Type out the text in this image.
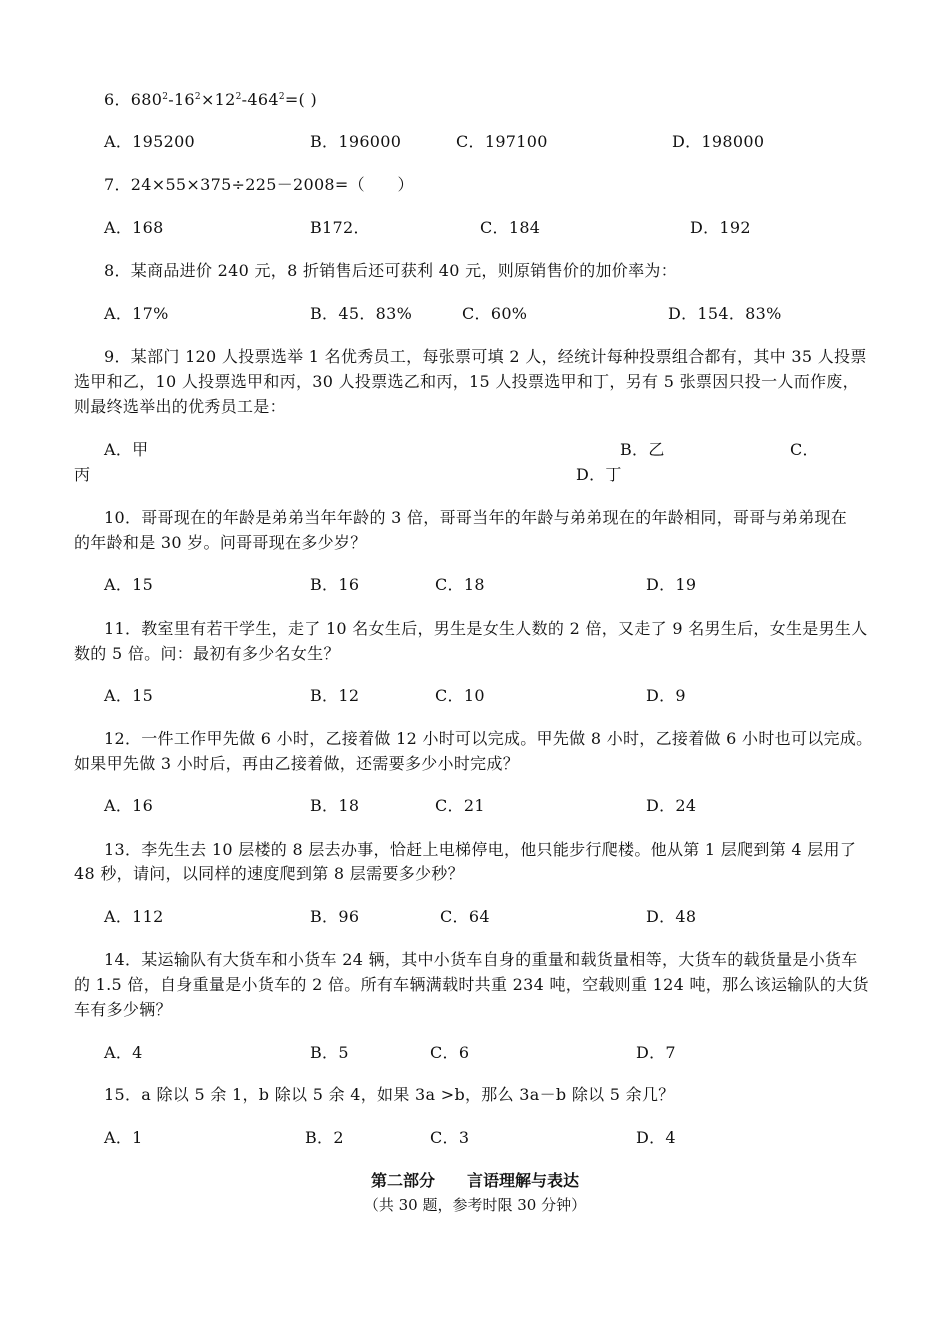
6．$680^2-16^2\times 12^2-464^2=$( )
A．195200	B．196000	C．197100	D．198000
7．24×55×375÷225－2008=（　　）
A．168	B172．	C．184	D．192
8．某商品进价 240 元，8 折销售后还可获利 40 元，则原销售价的加价率为：
A．17%	B．45．83%	C．60%	D．154．83%
9．某部门 120 人投票选举 1 名优秀员工，每张票可填 2 人，经统计每种投票组合都有，其中 35 人投票
选甲和乙，10 人投票选甲和丙，30 人投票选乙和丙，15 人投票选甲和丁，另有 5 张票因只投一人而作废，
则最终选举出的优秀员工是：
A．甲	B．乙	C．
丙	D．丁
10．哥哥现在的年龄是弟弟当年年龄的 3 倍，哥哥当年的年龄与弟弟现在的年龄相同，哥哥与弟弟现在
的年龄和是 30 岁。问哥哥现在多少岁？
A．15	B．16	C．18	D．19
11．教室里有若干学生，走了 10 名女生后，男生是女生人数的 2 倍，又走了 9 名男生后，女生是男生人
数的 5 倍。问：最初有多少名女生？
A．15	B．12	C．10	D．9
12．一件工作甲先做 6 小时，乙接着做 12 小时可以完成。甲先做 8 小时，乙接着做 6 小时也可以完成。
如果甲先做 3 小时后，再由乙接着做，还需要多少小时完成？
A．16	B．18	C．21	D．24
13．李先生去 10 层楼的 8 层去办事，恰赶上电梯停电，他只能步行爬楼。他从第 1 层爬到第 4 层用了
48 秒，请问，以同样的速度爬到第 8 层需要多少秒？
A．112	B．96	C．64	D．48
14．某运输队有大货车和小货车 24 辆，其中小货车自身的重量和载货量相等，大货车的载货量是小货车
的 1.5 倍，自身重量是小货车的 2 倍。所有车辆满载时共重 234 吨，空载则重 124 吨，那么该运输队的大货
车有多少辆？
A．4	B．5	C．6	D．7
15．a 除以 5 余 1，b 除以 5 余 4，如果 3a >b，那么 3a－b 除以 5 余几？
A．1	B．2	C．3	D．4
第二部分　　言语理解与表达
（共 30 题，参考时限 30 分钟）
